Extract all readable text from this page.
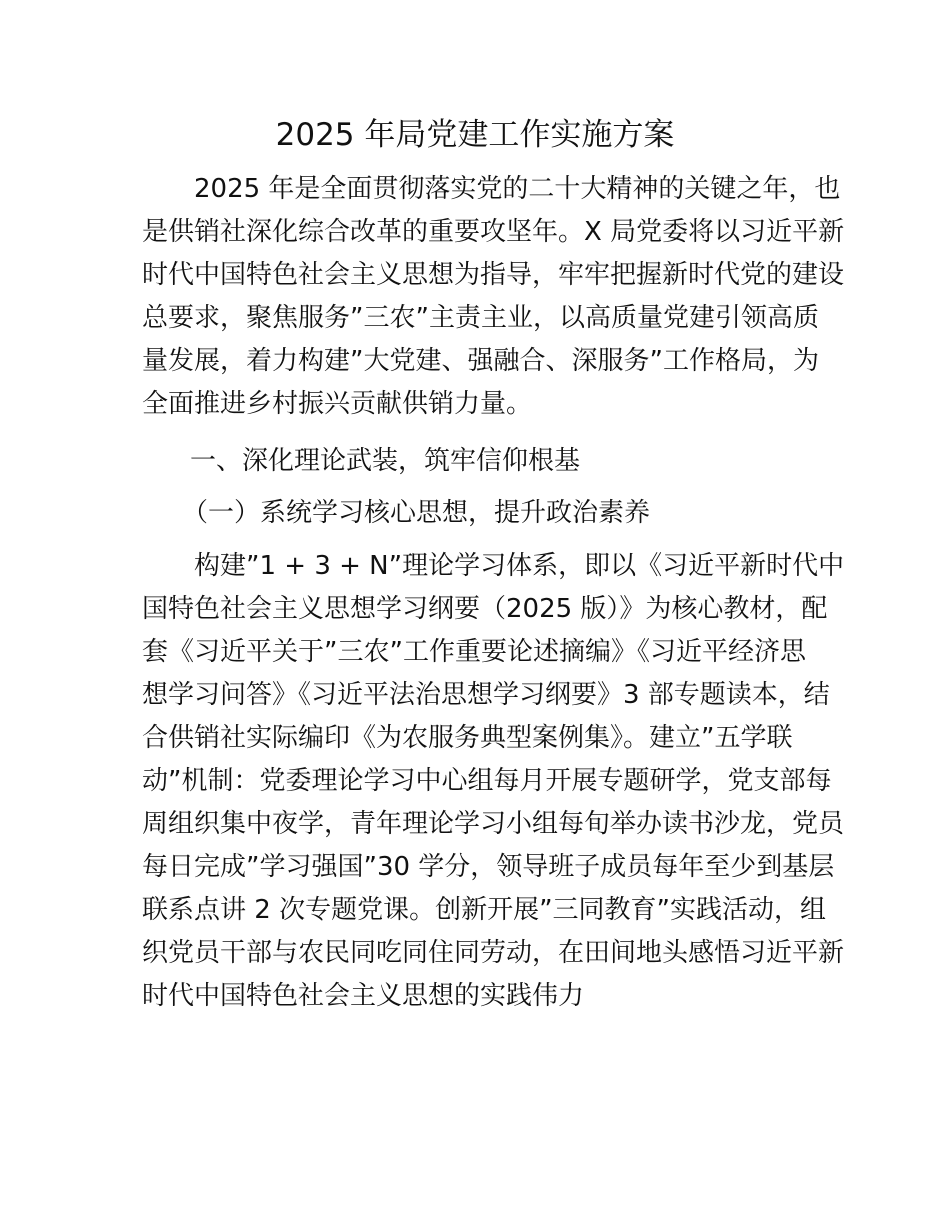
2025 年局党建工作实施方案
2025 年是全面贯彻落实党的二十大精神的关键之年，也
是供销社深化综合改革的重要攻坚年。X 局党委将以习近平新
时代中国特色社会主义思想为指导，牢牢把握新时代党的建设
总要求，聚焦服务”三农”主责主业，以高质量党建引领高质
量发展，着力构建”大党建、强融合、深服务”工作格局，为
全面推进乡村振兴贡献供销力量。
一、深化理论武装，筑牢信仰根基
（一）系统学习核心思想，提升政治素养
构建”1 + 3 + N”理论学习体系，即以《习近平新时代中
国特色社会主义思想学习纲要（2025 版）》为核心教材，配
套《习近平关于”三农”工作重要论述摘编》《习近平经济思
想学习问答》《习近平法治思想学习纲要》3 部专题读本，结
合供销社实际编印《为农服务典型案例集》。建立”五学联
动”机制：党委理论学习中心组每月开展专题研学，党支部每
周组织集中夜学，青年理论学习小组每旬举办读书沙龙，党员
每日完成”学习强国”30 学分，领导班子成员每年至少到基层
联系点讲 2 次专题党课。创新开展”三同教育”实践活动，组
织党员干部与农民同吃同住同劳动，在田间地头感悟习近平新
时代中国特色社会主义思想的实践伟力
